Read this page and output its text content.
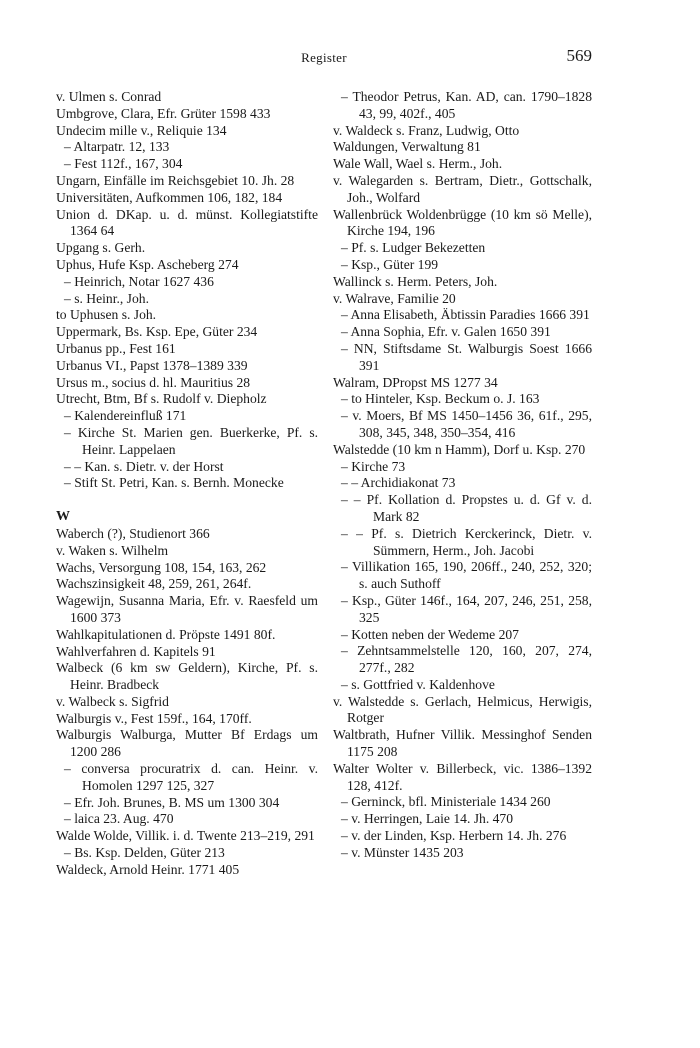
Register	569
v. Ulmen s. Conrad
Umbgrove, Clara, Efr. Grüter 1598 433
Undecim mille v., Reliquie 134
– Altarpatr. 12, 133
– Fest 112f., 167, 304
Ungarn, Einfälle im Reichsgebiet 10. Jh. 28
Universitäten, Aufkommen 106, 182, 184
Union d. DKap. u. d. münst. Kollegiatstifte 1364 64
Upgang s. Gerh.
Uphus, Hufe Ksp. Ascheberg 274
– Heinrich, Notar 1627 436
– s. Heinr., Joh.
to Uphusen s. Joh.
Uppermark, Bs. Ksp. Epe, Güter 234
Urbanus pp., Fest 161
Urbanus VI., Papst 1378–1389 339
Ursus m., socius d. hl. Mauritius 28
Utrecht, Btm, Bf s. Rudolf v. Diepholz
– Kalendereinfluß 171
– Kirche St. Marien gen. Buerkerke, Pf. s. Heinr. Lappelaen
– – Kan. s. Dietr. v. der Horst
– Stift St. Petri, Kan. s. Bernh. Monecke
W
Waberch (?), Studienort 366
v. Waken s. Wilhelm
Wachs, Versorgung 108, 154, 163, 262
Wachszinsigkeit 48, 259, 261, 264f.
Wagewijn, Susanna Maria, Efr. v. Raesfeld um 1600 373
Wahlkapitulationen d. Pröpste 1491 80f.
Wahlverfahren d. Kapitels 91
Walbeck (6 km sw Geldern), Kirche, Pf. s. Heinr. Bradbeck
v. Walbeck s. Sigfrid
Walburgis v., Fest 159f., 164, 170ff.
Walburgis Walburga, Mutter Bf Erdags um 1200 286
– conversa procuratrix d. can. Heinr. v. Homolen 1297 125, 327
– Efr. Joh. Brunes, B. MS um 1300 304
– laica 23. Aug. 470
Walde Wolde, Villik. i. d. Twente 213–219, 291
– Bs. Ksp. Delden, Güter 213
Waldeck, Arnold Heinr. 1771 405
– Theodor Petrus, Kan. AD, can. 1790–1828 43, 99, 402f., 405
v. Waldeck s. Franz, Ludwig, Otto
Waldungen, Verwaltung 81
Wale Wall, Wael s. Herm., Joh.
v. Walegarden s. Bertram, Dietr., Gottschalk, Joh., Wolfard
Wallenbrück Woldenbrügge (10 km sö Melle), Kirche 194, 196
– Pf. s. Ludger Bekezetten
– Ksp., Güter 199
Wallinck s. Herm. Peters, Joh.
v. Walrave, Familie 20
– Anna Elisabeth, Äbtissin Paradies 1666 391
– Anna Sophia, Efr. v. Galen 1650 391
– NN, Stiftsdame St. Walburgis Soest 1666 391
Walram, DPropst MS 1277 34
– to Hinteler, Ksp. Beckum o. J. 163
– v. Moers, Bf MS 1450–1456 36, 61f., 295, 308, 345, 348, 350–354, 416
Walstedde (10 km n Hamm), Dorf u. Ksp. 270
– Kirche 73
– – Archidiakonat 73
– – Pf. Kollation d. Propstes u. d. Gf v. d. Mark 82
– – Pf. s. Dietrich Kerckerinck, Dietr. v. Sümmern, Herm., Joh. Jacobi
– Villikation 165, 190, 206ff., 240, 252, 320; s. auch Suthoff
– Ksp., Güter 146f., 164, 207, 246, 251, 258, 325
– Kotten neben der Wedeme 207
– Zehntsammelstelle 120, 160, 207, 274, 277f., 282
– s. Gottfried v. Kaldenhove
v. Walstedde s. Gerlach, Helmicus, Herwigis, Rotger
Waltbrath, Hufner Villik. Messinghof Senden 1175 208
Walter Wolter v. Billerbeck, vic. 1386–1392 128, 412f.
– Gerninck, bfl. Ministeriale 1434 260
– v. Herringen, Laie 14. Jh. 470
– v. der Linden, Ksp. Herbern 14. Jh. 276
– v. Münster 1435 203
